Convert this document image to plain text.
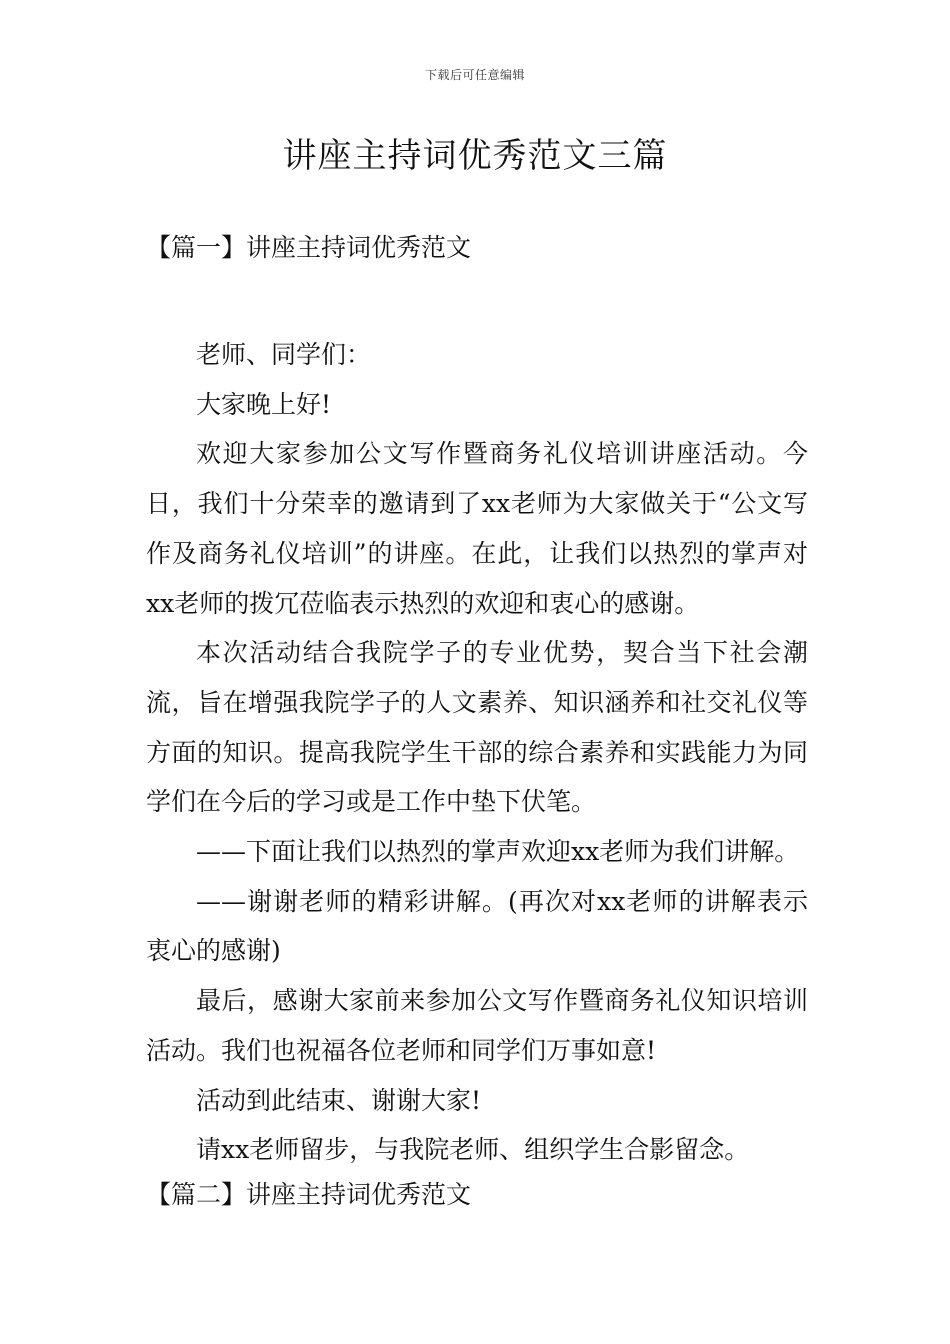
下载后可任意编辑
讲座主持词优秀范文三篇
【篇一】讲座主持词优秀范文

老师、同学们：

大家晚上好!

欢迎大家参加公文写作暨商务礼仪培训讲座活动。今日，我们十分荣幸的邀请到了xx老师为大家做关于“公文写作及商务礼仪培训”的讲座。在此，让我们以热烈的掌声对xx老师的拨冗莅临表示热烈的欢迎和衷心的感谢。

本次活动结合我院学子的专业优势，契合当下社会潮流，旨在增强我院学子的人文素养、知识涵养和社交礼仪等方面的知识。提高我院学生干部的综合素养和实践能力为同学们在今后的学习或是工作中垫下伏笔。

——下面让我们以热烈的掌声欢迎xx老师为我们讲解。

——谢谢老师的精彩讲解。(再次对xx老师的讲解表示衷心的感谢)

最后，感谢大家前来参加公文写作暨商务礼仪知识培训活动。我们也祝福各位老师和同学们万事如意!

活动到此结束、谢谢大家!

请xx老师留步，与我院老师、组织学生合影留念。

【篇二】讲座主持词优秀范文
